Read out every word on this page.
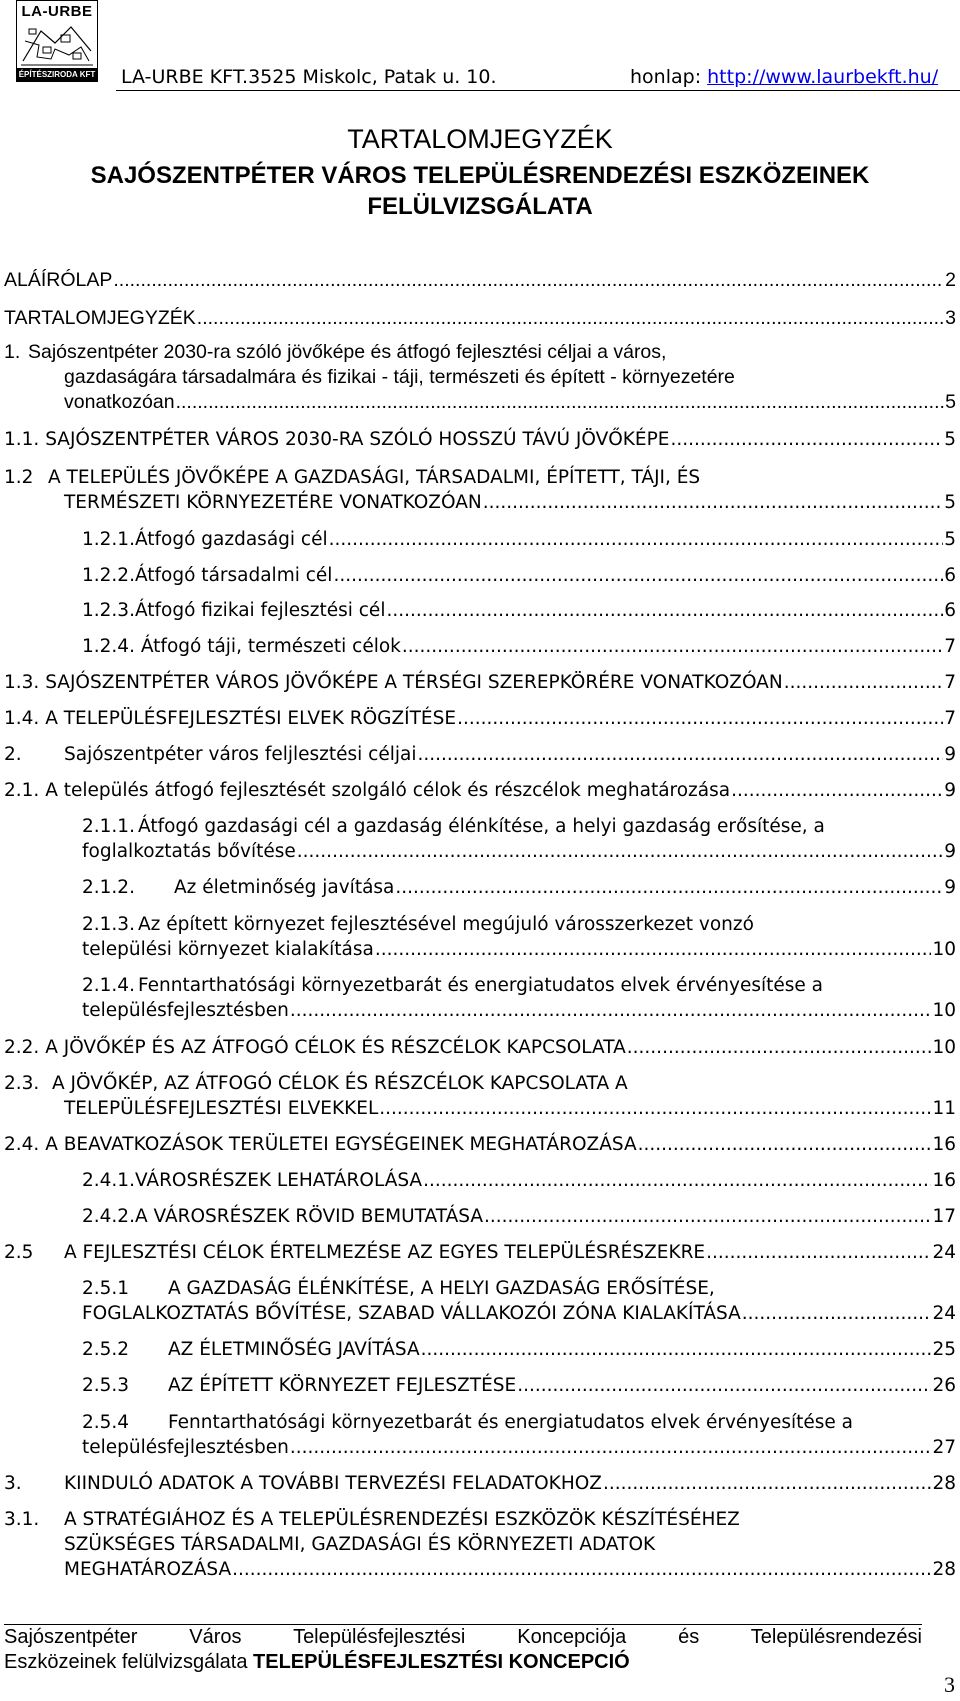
LA-URBE
ÉPÍTÉSZIRODA KFT LA-URBE KFT.3525 Miskolc, Patak u. 10.	honlap: http://www.laurbekft.hu/
TARTALOMJEGYZÉK
SAJÓSZENTPÉTER VÁROS TELEPÜLÉSRENDEZÉSI ESZKÖZEINEK
FELÜLVIZSGÁLATA
ALÁÍRÓLAP .....	2
TARTALOMJEGYZÉK .....	3
1. Sajószentpéter 2030-ra szóló jövőképe és átfogó fejlesztési céljai a város,
gazdaságára társadalmára és fizikai - táji, természeti és épített - környezetére
vonatkozóan .....	5
1.1.
SAJÓSZENTPÉTER VÁROS 2030-RA SZÓLÓ HOSSZÚ TÁVÚ JÖVŐKÉPE .....	5
1.2 A TELEPÜLÉS JÖVŐKÉPE A GAZDASÁGI, TÁRSADALMI, ÉPÍTETT, TÁJI, ÉS
TERMÉSZETI KÖRNYEZETÉRE VONATKOZÓAN .....	5
1.2.1. Átfogó gazdasági cél .....	5
1.2.2. Átfogó társadalmi cél .....	6
1.2.3. Átfogó fizikai fejlesztési cél .....	6
1.2.4.
Átfogó táji, természeti célok .....	7
1.3.
SAJÓSZENTPÉTER VÁROS JÖVŐKÉPE A TÉRSÉGI SZEREPKÖRÉRE VONATKOZÓAN .....	7
1.4.
A TELEPÜLÉSFEJLESZTÉSI ELVEK RÖGZÍTÉSE .....	7
2. Sajószentpéter város feljlesztési céljai .....	9
2.1.
A település átfogó fejlesztését szolgáló célok és részcélok meghatározása .....	9
2.1.1. Átfogó gazdasági cél a gazdaság élénkítése, a helyi gazdaság erősítése, a
foglalkoztatás bővítése .....	9
2.1.2. Az életminőség javítása .....	9
2.1.3. Az épített környezet fejlesztésével megújuló városszerkezet vonzó
települési környezet kialakítása .....	10
2.1.4. Fenntarthatósági környezetbarát és energiatudatos elvek érvényesítése a
településfejlesztésben .....	10
2.2.
A JÖVŐKÉP ÉS AZ ÁTFOGÓ CÉLOK ÉS RÉSZCÉLOK KAPCSOLATA .....	10
2.3. A JÖVŐKÉP, AZ ÁTFOGÓ CÉLOK ÉS RÉSZCÉLOK KAPCSOLATA A
TELEPÜLÉSFEJLESZTÉSI ELVEKKEL .....	11
2.4.
A BEAVATKOZÁSOK TERÜLETEI EGYSÉGEINEK MEGHATÁROZÁSA .....	16
2.4.1. VÁROSRÉSZEK LEHATÁROLÁSA .....	16
2.4.2. A VÁROSRÉSZEK RÖVID BEMUTATÁSA .....	17
2.5 A FEJLESZTÉSI CÉLOK ÉRTELMEZÉSE AZ EGYES TELEPÜLÉSRÉSZEKRE .....	24
2.5.1 A GAZDASÁG ÉLÉNKÍTÉSE, A HELYI GAZDASÁG ERŐSÍTÉSE,
FOGLALKOZTATÁS BŐVÍTÉSE, SZABAD VÁLLAKOZÓI ZÓNA KIALAKÍTÁSA .....	24
2.5.2 AZ ÉLETMINŐSÉG JAVÍTÁSA .....	25
2.5.3 AZ ÉPÍTETT KÖRNYEZET FEJLESZTÉSE .....	26
2.5.4 Fenntarthatósági környezetbarát és energiatudatos elvek érvényesítése a
településfejlesztésben .....	27
3. KIINDULÓ ADATOK A TOVÁBBI TERVEZÉSI FELADATOKHOZ .....	28
3.1. A STRATÉGIÁHOZ ÉS A TELEPÜLÉSRENDEZÉSI ESZKÖZÖK KÉSZÍTÉSÉHEZ
SZÜKSÉGES TÁRSADALMI, GAZDASÁGI ÉS KÖRNYEZETI ADATOK
MEGHATÁROZÁSA .....	28
Sajószentpéter	Város	Településfejlesztési	Koncepciója	és	Településrendezési
Eszközeinek felülvizsgálata TELEPÜLÉSFEJLESZTÉSI KONCEPCIÓ
3
